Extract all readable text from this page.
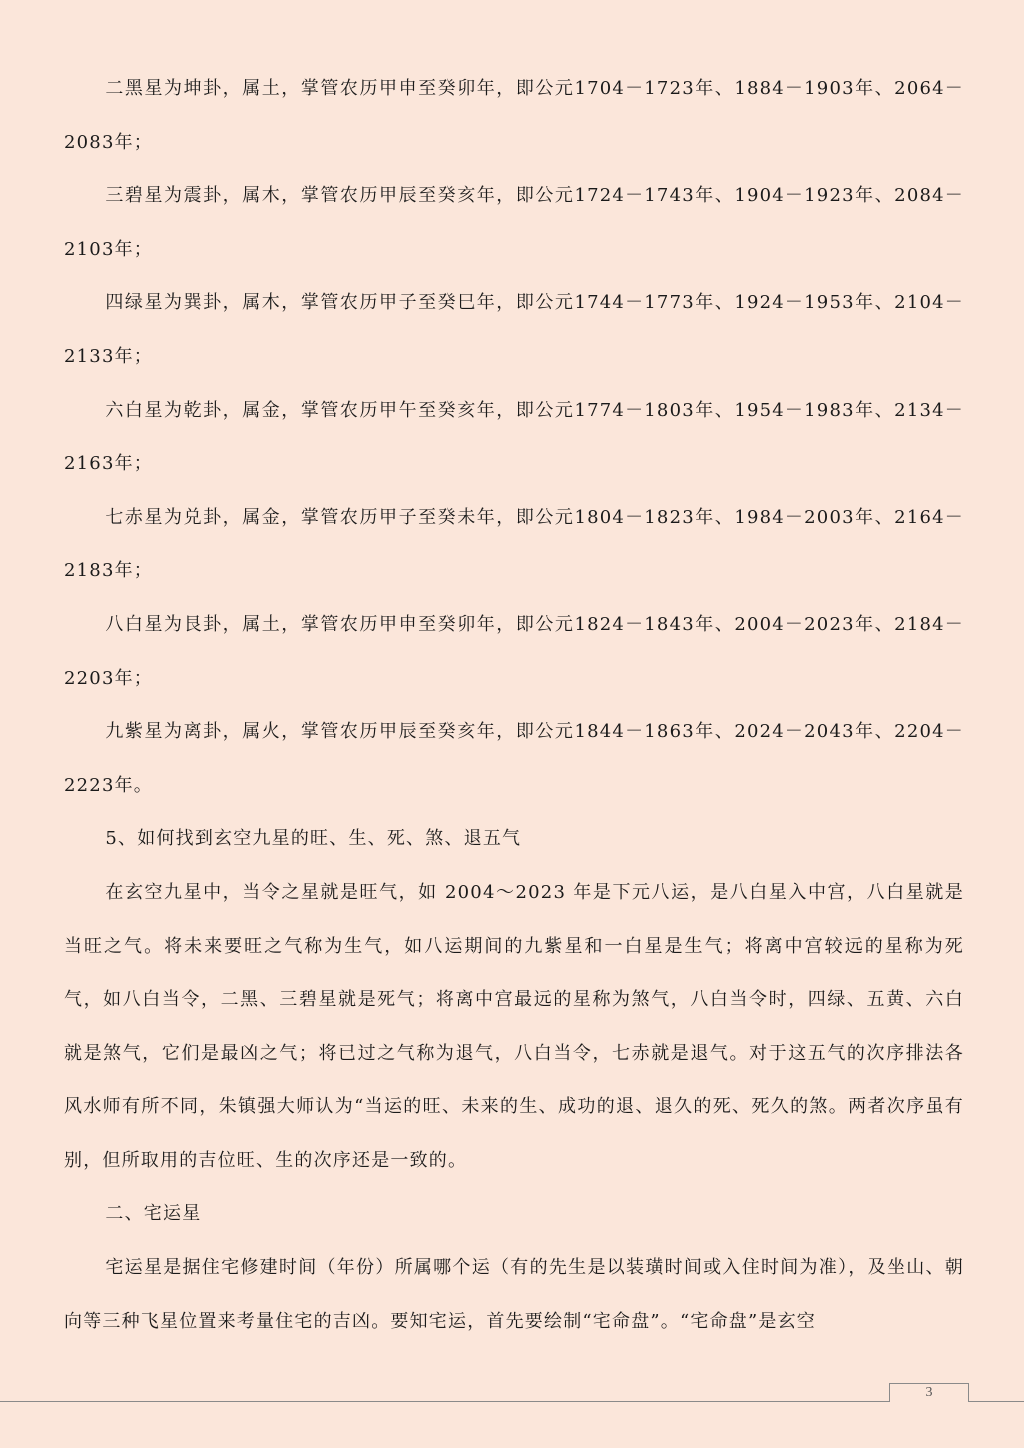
二黑星为坤卦，属土，掌管农历甲申至癸卯年，即公元1704－1723年、1884－1903年、2064－2083年；

三碧星为震卦，属木，掌管农历甲辰至癸亥年，即公元1724－1743年、1904－1923年、2084－2103年；

四绿星为巽卦，属木，掌管农历甲子至癸巳年，即公元1744－1773年、1924－1953年、2104－2133年；

六白星为乾卦，属金，掌管农历甲午至癸亥年，即公元1774－1803年、1954－1983年、2134－2163年；

七赤星为兑卦，属金，掌管农历甲子至癸未年，即公元1804－1823年、1984－2003年、2164－2183年；

八白星为艮卦，属土，掌管农历甲申至癸卯年，即公元1824－1843年、2004－2023年、2184－2203年；

九紫星为离卦，属火，掌管农历甲辰至癸亥年，即公元1844－1863年、2024－2043年、2204－2223年。

5、如何找到玄空九星的旺、生、死、煞、退五气

在玄空九星中，当令之星就是旺气，如 2004～2023 年是下元八运，是八白星入中宫，八白星就是当旺之气。将未来要旺之气称为生气，如八运期间的九紫星和一白星是生气；将离中宫较远的星称为死气，如八白当令，二黑、三碧星就是死气；将离中宫最远的星称为煞气，八白当令时，四绿、五黄、六白就是煞气，它们是最凶之气；将已过之气称为退气，八白当令，七赤就是退气。对于这五气的次序排法各风水师有所不同，朱镇强大师认为“当运的旺、未来的生、成功的退、退久的死、死久的煞。两者次序虽有别，但所取用的吉位旺、生的次序还是一致的。

二、宅运星

宅运星是据住宅修建时间（年份）所属哪个运（有的先生是以装璜时间或入住时间为准），及坐山、朝向等三种飞星位置来考量住宅的吉凶。要知宅运，首先要绘制“宅命盘”。“宅命盘”是玄空

3
